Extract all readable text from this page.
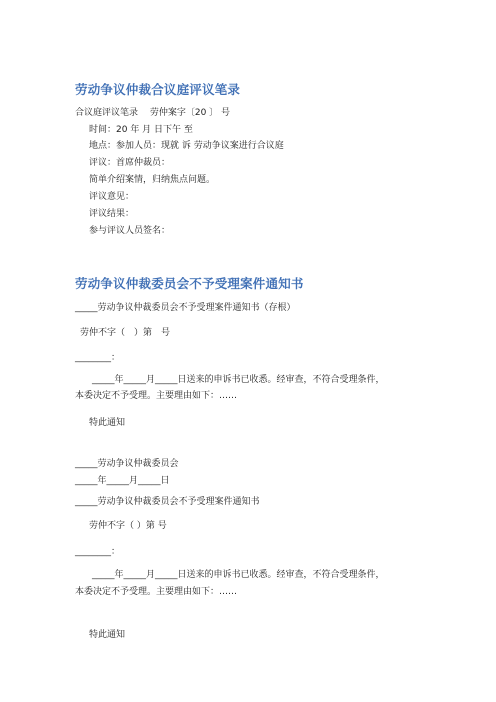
劳动争议仲裁合议庭评议笔录
合议庭评议笔录　 劳仲案字〔20 〕 号
时间：20 年 月 日下午 至
地点：参加人员：现就 诉 劳动争议案进行合议庭
评议：首席仲裁员：
简单介绍案情，归纳焦点问题。
评议意见：
评议结果：
参与评议人员签名：
劳动争议仲裁委员会不予受理案件通知书
_____劳动争议仲裁委员会不予受理案件通知书（存根）
劳仲不字（　）第　号
________：
_____年_____月_____日送来的申诉书已收悉。经审查，不符合受理条件，
本委决定不予受理。主要理由如下：……
特此通知
_____劳动争议仲裁委员会
_____年_____月_____日
_____劳动争议仲裁委员会不予受理案件通知书
劳仲不字（ ）第 号
________：
_____年_____月_____日送来的申诉书已收悉。经审查，不符合受理条件，
本委决定不予受理。主要理由如下：……
特此通知
